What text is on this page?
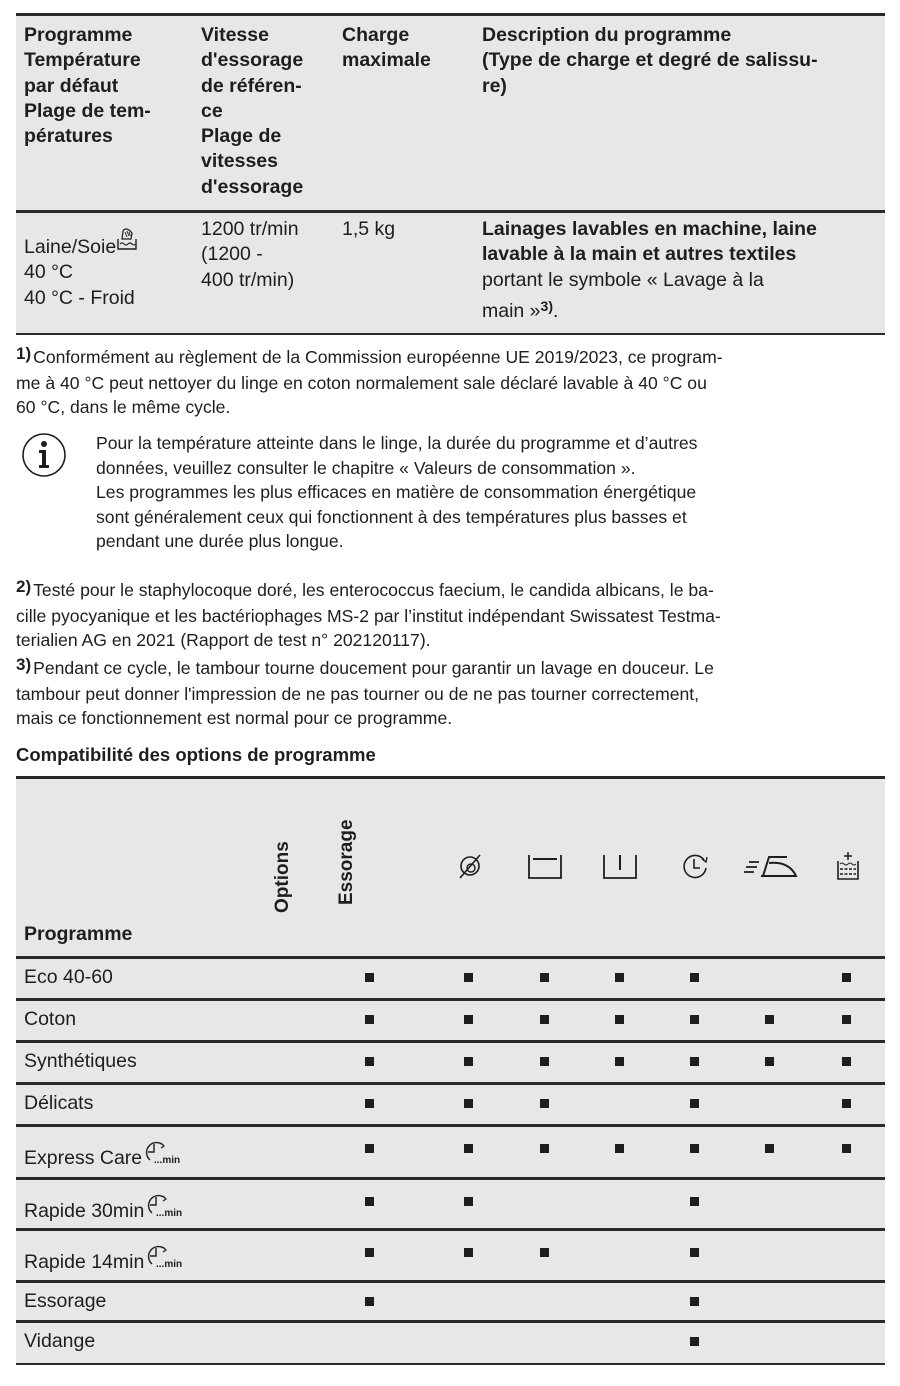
Programme
Température
par défaut
Plage de tem-
pératures
Vitesse
d'essorage
de référen-
ce
Plage de
vitesses
d'essorage
Charge
maximale
Description du programme
(Type de charge et degré de salissu-
re)
Laine/Soie
40 °C
40 °C - Froid
1200 tr/min
(1200 -
400 tr/min)
1,5 kg	Lainages lavables en machine, laine
lavable à la main et autres textiles
portant le symbole « Lavage à la
main »$^{3)}$.
1) Conformément au règlement de la Commission européenne UE 2019/2023, ce program-
me à 40 °C peut nettoyer du linge en coton normalement sale déclaré lavable à 40 °C ou
60 °C, dans le même cycle.
Pour la température atteinte dans le linge, la durée du programme et d’autres
données, veuillez consulter le chapitre « Valeurs de consommation ».
Les programmes les plus efficaces en matière de consommation énergétique
sont généralement ceux qui fonctionnent à des températures plus basses et
pendant une durée plus longue.
2) Testé pour le staphylocoque doré, les enterococcus faecium, le candida albicans, le ba-
cille pyocyanique et les bactériophages MS-2 par l’institut indépendant Swissatest Testma-
terialien AG en 2021 (Rapport de test n° 202120117).
3) Pendant ce cycle, le tambour tourne doucement pour garantir un lavage en douceur. Le
tambour peut donner l'impression de ne pas tourner ou de ne pas tourner correctement,
mais ce fonctionnement est normal pour ce programme.
Compatibilité des options de programme
Options Essorage
Programme
Eco 40-60
Coton
Synthétiques
Délicats
Express Care ...min
Rapide 30min ...min
Rapide 14min ...min
Essorage
Vidange
